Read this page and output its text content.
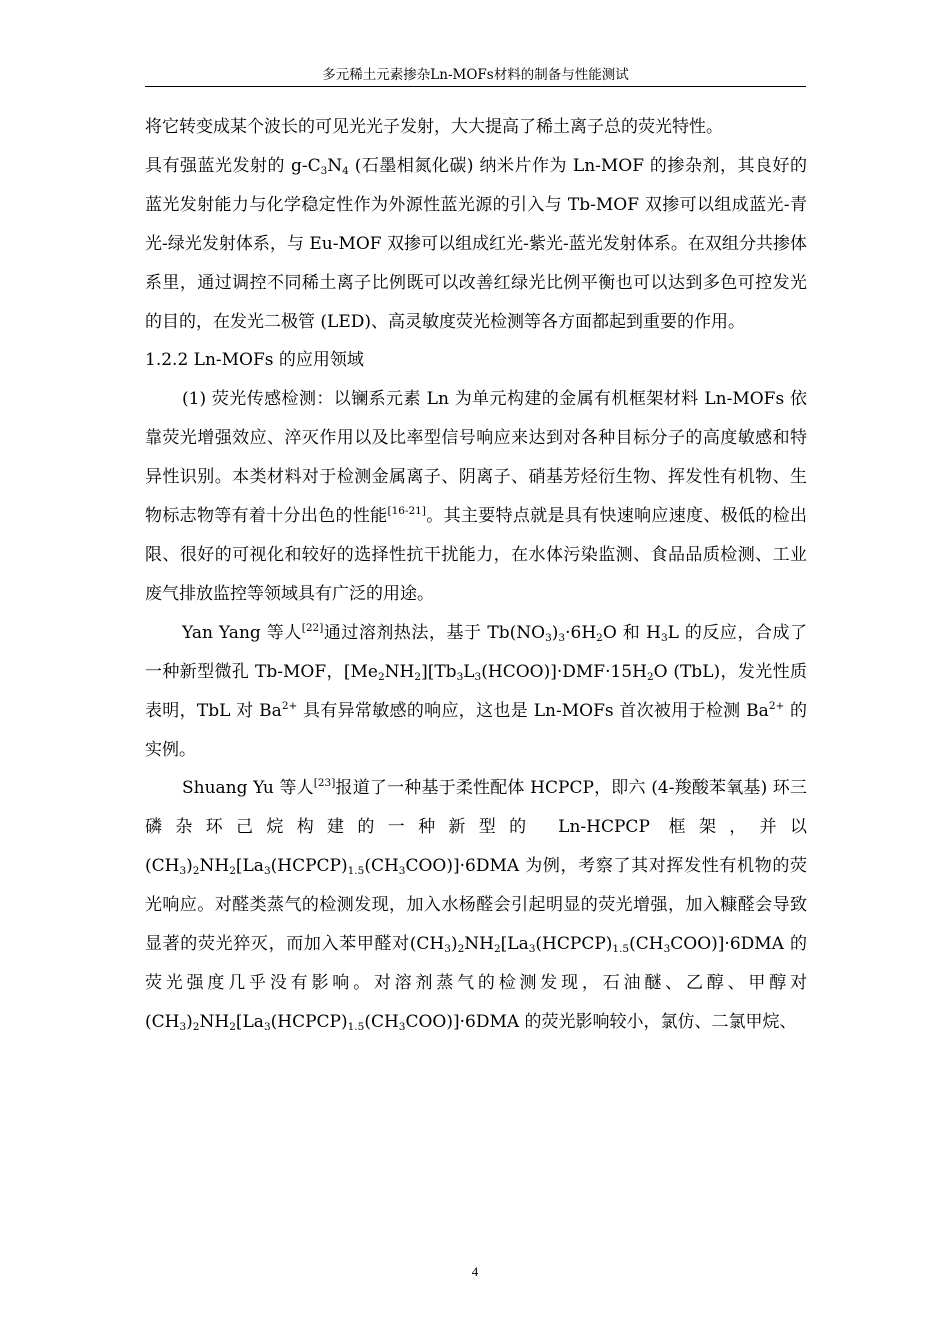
多元稀土元素掺杂Ln-MOFs材料的制备与性能测试

将它转变成某个波长的可见光光子发射，大大提高了稀土离子总的荧光特性。
具有强蓝光发射的 $g-C_3N_4$ (石墨相氮化碳) 纳米片作为 Ln-MOF 的掺杂剂，其良好的蓝光发射能力与化学稳定性作为外源性蓝光源的引入与 Tb-MOF 双掺可以组成蓝光-青光-绿光发射体系，与 Eu-MOF 双掺可以组成红光-紫光-蓝光发射体系。在双组分共掺体系里，通过调控不同稀土离子比例既可以改善红绿光比例平衡也可以达到多色可控发光的目的，在发光二极管 (LED)、高灵敏度荧光检测等各方面都起到重要的作用。

1.2.2 Ln-MOFs 的应用领域

(1) 荧光传感检测：以镧系元素 Ln 为单元构建的金属有机框架材料 Ln-MOFs 依靠荧光增强效应、淬灭作用以及比率型信号响应来达到对各种目标分子的高度敏感和特异性识别。本类材料对于检测金属离子、阴离子、硝基芳烃衍生物、挥发性有机物、生物标志物等有着十分出色的性能[16-21]。其主要特点就是具有快速响应速度、极低的检出限、很好的可视化和较好的选择性抗干扰能力，在水体污染监测、食品品质检测、工业废气排放监控等领域具有广泛的用途。

Yan Yang 等人[22]通过溶剂热法，基于 $Tb(NO_3)_3\cdot 6H_2O$ 和 $H_3L$ 的反应，合成了一种新型微孔 Tb-MOF，$[Me_2NH_2][Tb_3L_3(HCOO)]\cdot DMF\cdot 15H_2O$ (TbL)，发光性质表明，TbL 对 $Ba^{2+}$ 具有异常敏感的响应，这也是 Ln-MOFs 首次被用于检测 $Ba^{2+}$ 的实例。

Shuang Yu 等人[23]报道了一种基于柔性配体 HCPCP，即六 (4-羧酸苯氧基) 环三磷杂环己烷构建的一种新型的 Ln-HCPCP 框架，并以$(CH_3)_2NH_2[La_3(HCPCP)_{1.5}(CH_3COO)]\cdot 6DMA$ 为例，考察了其对挥发性有机物的荧光响应。对醛类蒸气的检测发现，加入水杨醛会引起明显的荧光增强，加入糠醛会导致显著的荧光猝灭，而加入苯甲醛对$(CH_3)_2NH_2[La_3(HCPCP)_{1.5}(CH_3COO)]\cdot 6DMA$ 的荧光强度几乎没有影响。对溶剂蒸气的检测发现，石油醚、乙醇、甲醇对$(CH_3)_2NH_2[La_3(HCPCP)_{1.5}(CH_3COO)]\cdot 6DMA$ 的荧光影响较小，氯仿、二氯甲烷、

4
